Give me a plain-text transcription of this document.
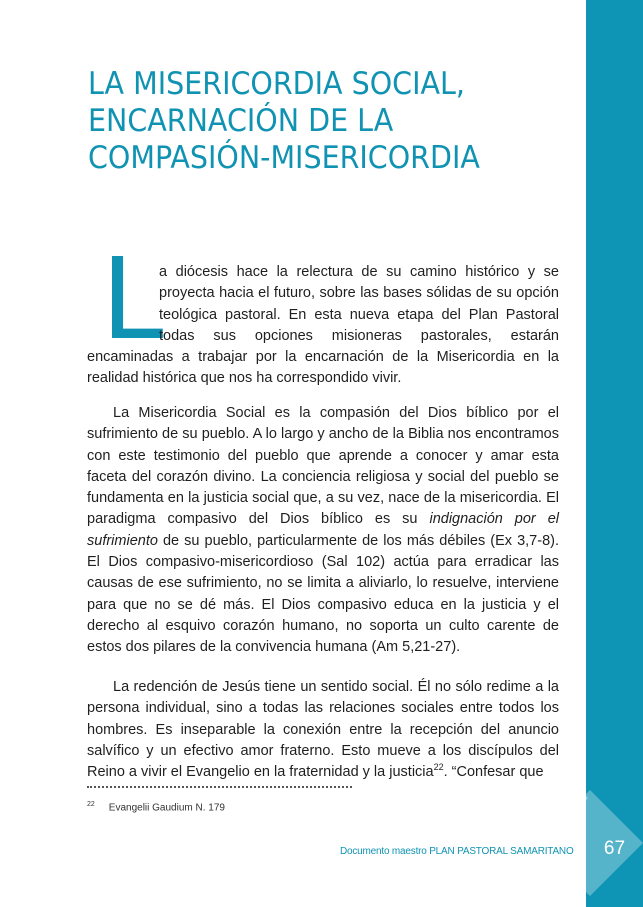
LA MISERICORDIA SOCIAL,
ENCARNACIÓN DE LA
COMPASIÓN-MISERICORDIA
L

a diócesis hace la relectura de su camino histórico y se
proyecta hacia el futuro, sobre las bases sólidas de su opción
teológica pastoral. En esta nueva etapa del Plan Pastoral
todas sus opciones misioneras pastorales, estarán
encaminadas a trabajar por la encarnación de la Misericordia en la realidad histórica que nos ha correspondido vivir.

La Misericordia Social es la compasión del Dios bíblico por el sufrimiento de su pueblo. A lo largo y ancho de la Biblia nos encontramos con este testimonio del pueblo que aprende a conocer y amar esta faceta del corazón divino. La conciencia religiosa y social del pueblo se fundamenta en la justicia social que, a su vez, nace de la misericordia. El paradigma compasivo del Dios bíblico es su indignación por el sufrimiento de su pueblo, particularmente de los más débiles (Ex 3,7-8). El Dios compasivo-misericordioso (Sal 102) actúa para erradicar las causas de ese sufrimiento, no se limita a aliviarlo, lo resuelve, interviene para que no se dé más. El Dios compasivo educa en la justicia y el derecho al esquivo corazón humano, no soporta un culto carente de estos dos pilares de la convivencia humana (Am 5,21-27).

La redención de Jesús tiene un sentido social. Él no sólo redime a la persona individual, sino a todas las relaciones sociales entre todos los hombres. Es inseparable la conexión entre la recepción del anuncio salvífico y un efectivo amor fraterno. Esto mueve a los discípulos del Reino a vivir el Evangelio en la fraternidad y la justicia$^{22}$. “Confesar que

$^{22}$ Evangelii Gaudium N. 179
Documento maestro PLAN PASTORAL SAMARITANO	67
